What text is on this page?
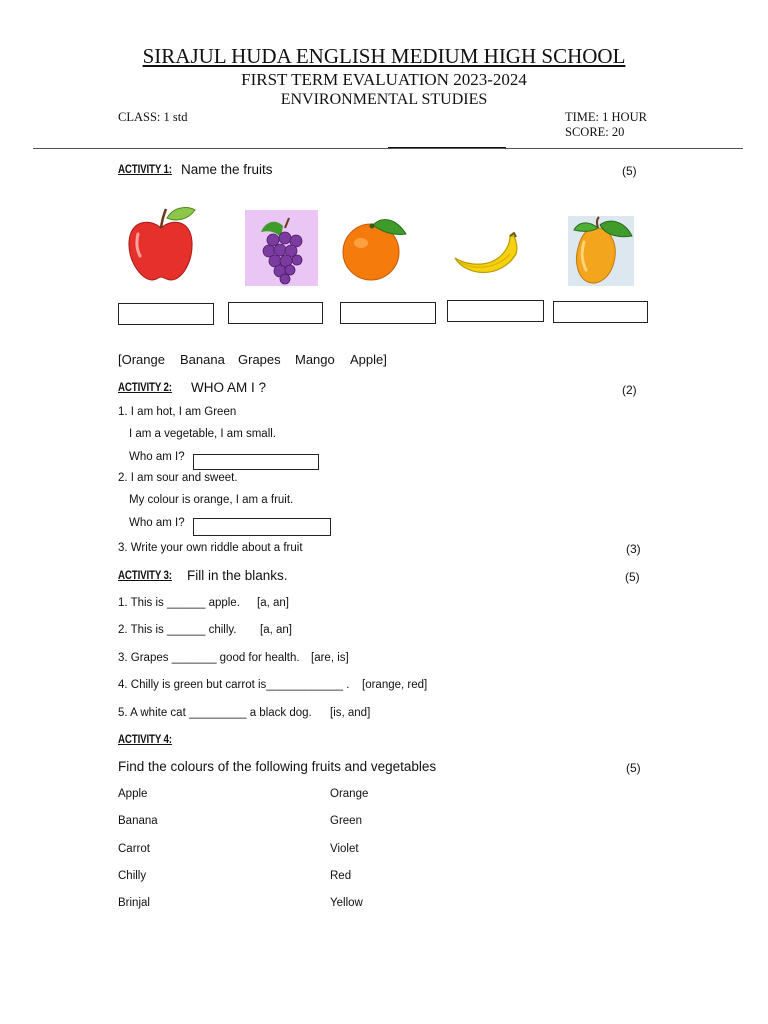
SIRAJUL HUDA ENGLISH MEDIUM HIGH SCHOOL
FIRST TERM EVALUATION 2023-2024
ENVIRONMENTAL STUDIES
CLASS: 1 std	TIME: 1 HOUR
SCORE: 20
ACTIVITY 1: Name the fruits	(5)
[Orange Banana Grapes Mango Apple]
ACTIVITY 2: WHO AM I ?	(2)
1. I am hot, I am Green
I am a vegetable, I am small.
Who am I?
2. I am sour and sweet.
My colour is orange, I am a fruit.
Who am I?
3. Write your own riddle about a fruit	(3)
ACTIVITY 3: Fill in the blanks.	(5)
1. This is ______ apple. [a, an]
2. This is ______ chilly. [a, an]
3. Grapes _______ good for health. [are, is]
4. Chilly is green but carrot is____________ . [orange, red]
5. A white cat _________ a black dog. [is, and]
ACTIVITY 4:
Find the colours of the following fruits and vegetables	(5)
Apple	Orange
Banana	Green
Carrot	Violet
Chilly	Red
Brinjal	Yellow
